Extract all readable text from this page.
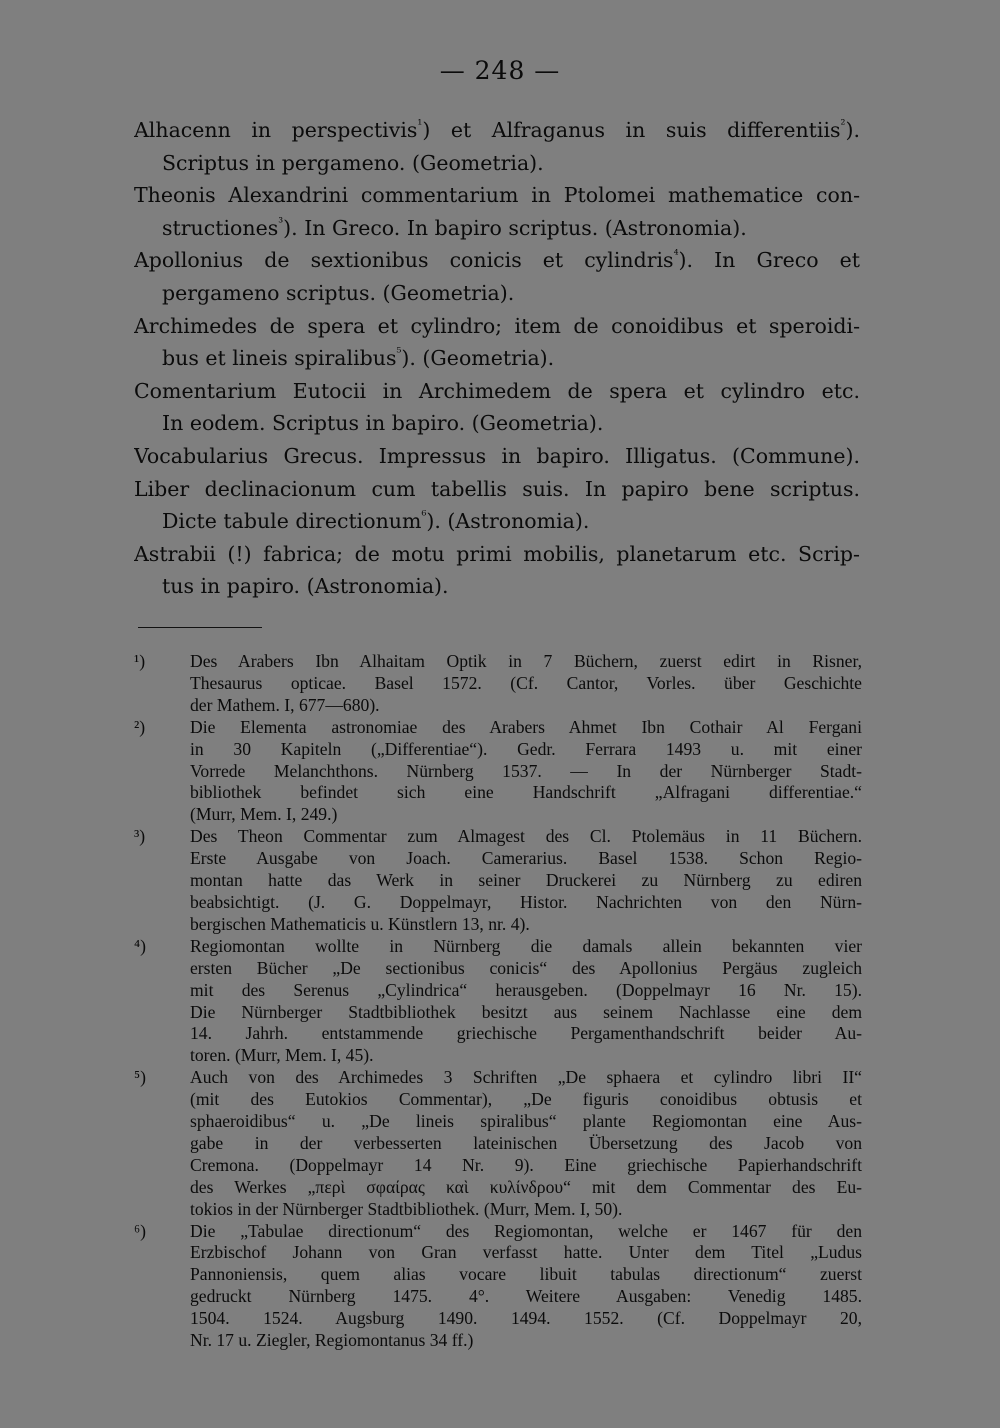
— 248 —
Alhacenn in perspectivis$^{^1}$) et Alfraganus in suis differentiis$^{^2}$).
Scriptus in pergameno. (Geometria).
Theonis Alexandrini commentarium in Ptolomei mathematice con-
structiones$^{^3}$). In Greco. In bapiro scriptus. (Astronomia).
Apollonius de sextionibus conicis et cylindris$^{^4}$). In Greco et
pergameno scriptus. (Geometria).
Archimedes de spera et cylindro; item de conoidibus et speroidi-
bus et lineis spiralibus$^{^5}$). (Geometria).
Comentarium Eutocii in Archimedem de spera et cylindro etc.
In eodem. Scriptus in bapiro. (Geometria).
Vocabularius Grecus. Impressus in bapiro. Illigatus. (Commune).
Liber declinacionum cum tabellis suis. In papiro bene scriptus.
Dicte tabule directionum$^{^6}$). (Astronomia).
Astrabii (!) fabrica; de motu primi mobilis, planetarum etc. Scrip-
tus in papiro. (Astronomia).
¹)	Des Arabers Ibn Alhaitam Optik in 7 Büchern, zuerst edirt in Risner,
Thesaurus opticae. Basel 1572. (Cf. Cantor, Vorles. über Geschichte
der Mathem. I, 677—680).
²)	Die Elementa astronomiae des Arabers Ahmet Ibn Cothair Al Fergani
in 30 Kapiteln („Differentiae“). Gedr. Ferrara 1493 u. mit einer
Vorrede Melanchthons. Nürnberg 1537. — In der Nürnberger Stadt-
bibliothek befindet sich eine Handschrift „Alfragani differentiae.“
(Murr, Mem. I, 249.)
³)	Des Theon Commentar zum Almagest des Cl. Ptolemäus in 11 Büchern.
Erste Ausgabe von Joach. Camerarius. Basel 1538. Schon Regio-
montan hatte das Werk in seiner Druckerei zu Nürnberg zu ediren
beabsichtigt. (J. G. Doppelmayr, Histor. Nachrichten von den Nürn-
bergischen Mathematicis u. Künstlern 13, nr. 4).
⁴)	Regiomontan wollte in Nürnberg die damals allein bekannten vier
ersten Bücher „De sectionibus conicis“ des Apollonius Pergäus zugleich
mit des Serenus „Cylindrica“ herausgeben. (Doppelmayr 16 Nr. 15).
Die Nürnberger Stadtbibliothek besitzt aus seinem Nachlasse eine dem
14. Jahrh. entstammende griechische Pergamenthandschrift beider Au-
toren. (Murr, Mem. I, 45).
⁵)	Auch von des Archimedes 3 Schriften „De sphaera et cylindro libri II“
(mit des Eutokios Commentar), „De figuris conoidibus obtusis et
sphaeroidibus“ u. „De lineis spiralibus“ plante Regiomontan eine Aus-
gabe in der verbesserten lateinischen Übersetzung des Jacob von
Cremona. (Doppelmayr 14 Nr. 9). Eine griechische Papierhandschrift
des Werkes „περὶ σφαίρας καὶ κυλίνδρου“ mit dem Commentar des Eu-
tokios in der Nürnberger Stadtbibliothek. (Murr, Mem. I, 50).
⁶)	Die „Tabulae directionum“ des Regiomontan, welche er 1467 für den
Erzbischof Johann von Gran verfasst hatte. Unter dem Titel „Ludus
Pannoniensis, quem alias vocare libuit tabulas directionum“ zuerst
gedruckt Nürnberg 1475. 4°. Weitere Ausgaben: Venedig 1485.
1504. 1524. Augsburg 1490. 1494. 1552. (Cf. Doppelmayr 20,
Nr. 17 u. Ziegler, Regiomontanus 34 ff.)
